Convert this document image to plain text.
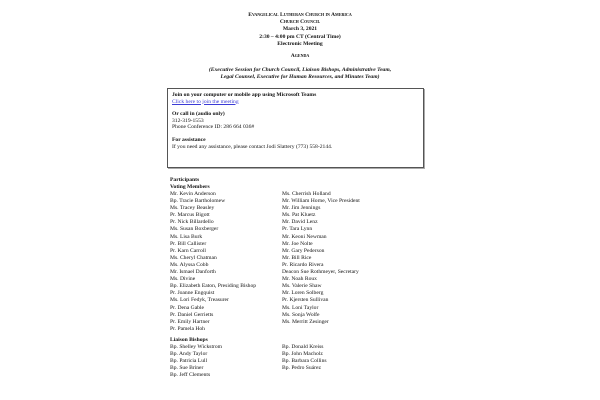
Evangelical Lutheran Church in America
Church Council
March 3, 2021
2:30 – 4:00 pm CT (Central Time)
Electronic Meeting
Agenda
(Executive Session for Church Council, Liaison Bishops, Administrative Team,
Legal Counsel, Executive for Human Resources, and Minutes Team)
Join on your computer or mobile app using Microsoft Teams
Click here to join the meeting
Or call in (audio only)
312-319-1553
Phone Conference ID: 286 664 036#
For assistance
If you need any assistance, please contact Jodi Slattery (773) 558-2144.
Participants
Voting Members
Mr. Kevin Anderson
Bp. Tracie Bartholomew
Ms. Tracey Beasley
Pr. Marcus Bigott
Pr. Nick Billardello
Ms. Susan Boxberger
Ms. Lisa Burk
Pr. Bill Callister
Pr. Karn Carroll
Ms. Cheryl Chatman
Ms. Alyssa Cobb
Mr. Ismael Danforth
Ms. Divine
Bp. Elizabeth Eaton, Presiding Bishop
Pr. Joanne Engquist
Ms. Lori Fedyk, Treasurer
Pr. Dena Gable
Pr. Daniel Gerrietts
Pr. Emily Hartner
Pr. Pamela Hoh
Ms. Cherrish Holland
Mr. William Horne, Vice President
Mr. Jim Jennings
Ms. Pat Kluetz
Mr. David Lenz
Pr. Tara Lynn
Mr. Keoni Newman
Mr. Joe Nolte
Mr. Gary Pederson
Mr. Bill Rice
Pr. Ricardo Rivera
Deacon Sue Rothmeyer, Secretary
Mr. Noah Roux
Ms. Valerie Shaw
Mr. Loren Solberg
Pr. Kjersten Sullivan
Ms. Loni Taylor
Ms. Sonja Wolfe
Ms. Merritt Zesinger
Liaison Bishops
Bp. Shelley Wickstrom
Bp. Andy Taylor
Bp. Patricia Lull
Bp. Sue Briner
Bp. Jeff Clements
Bp. Donald Kreiss
Bp. John Macholz
Bp. Barbara Collins
Bp. Pedro Suárez
